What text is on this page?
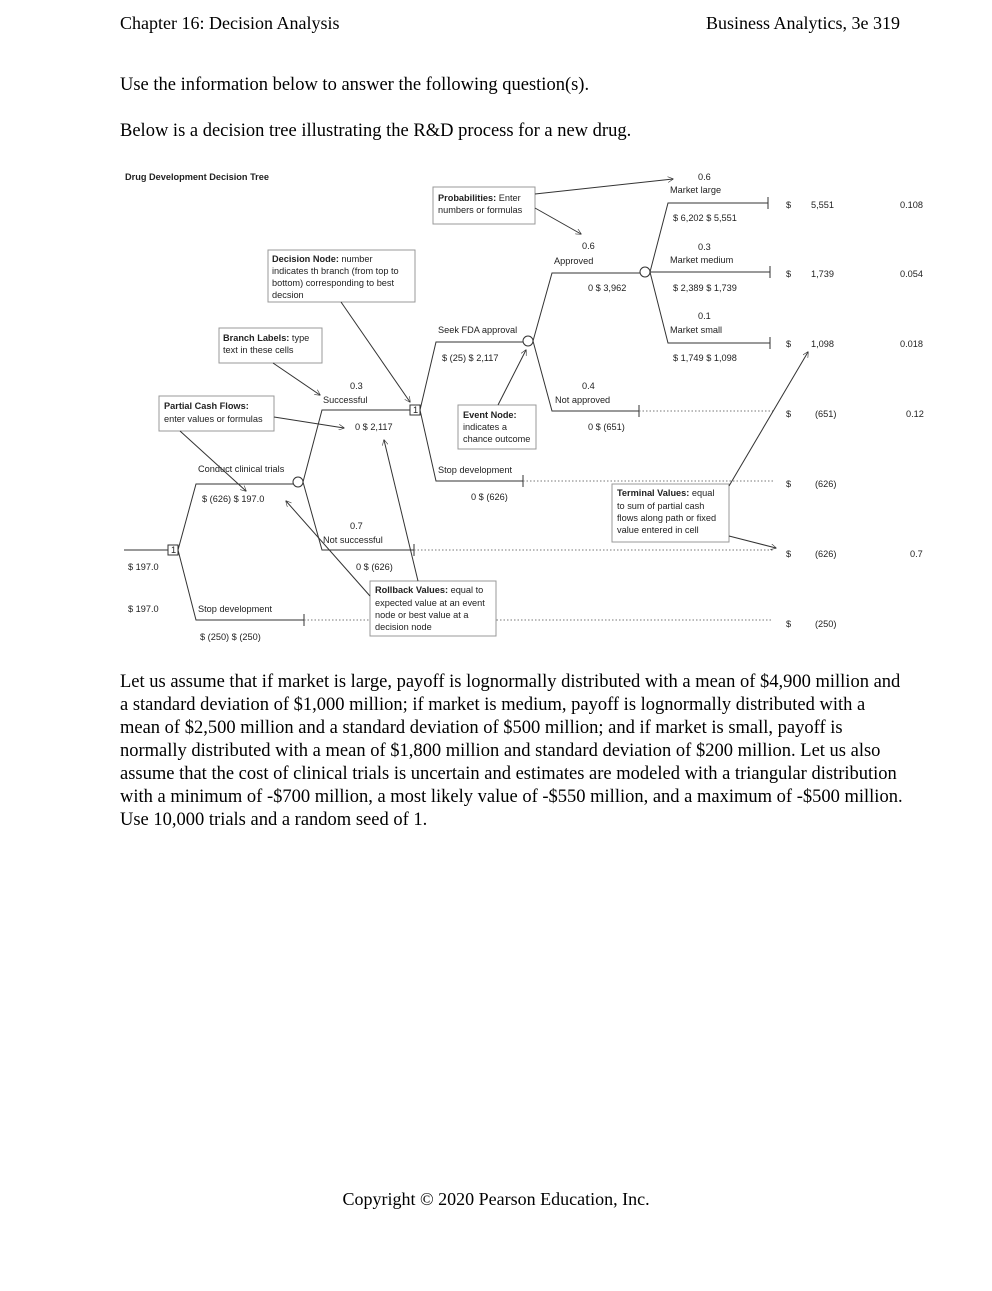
Chapter 16: Decision Analysis	Business Analytics, 3e 319

Use the information below to answer the following question(s).

Below is a decision tree illustrating the R&D process for a new drug.

Drug Development Decision Tree
1
$ 197.0
$ 197.0
Conduct clinical trials
$ (626) $ 197.0
0.3
Successful
0 $ 2,117
0.7
Not successful
0 $ (626)
Stop development
$ (250) $ (250)
1
Seek FDA approval
$ (25) $ 2,117
0.6
Approved
0 $ 3,962
0.4
Not approved
0 $ (651)
Stop development
0 $ (626)
0.6
Market large
$ 6,202 $ 5,551
0.3
Market medium
$ 2,389 $ 1,739
0.1
Market small
$ 1,749 $ 1,098
$ 5,551	0.108
$ 1,739	0.054
$ 1,098	0.018
$	(651)	0.12
$	(626)
$	(626)	0.7
$	(250)
Probabilities: Enter
numbers or formulas
Decision Node: number
indicates th branch (from top to
bottom) corresponding to best
decsion
Branch Labels: type
text in these cells
Partial Cash Flows:
enter values or formulas	Event Node:
indicates a
chance outcome
Terminal Values: equal
to sum of partial cash
flows along path or fixed
value entered in cell
Rollback Values: equal to
expected value at an event
node or best value at a
decision node

Let us assume that if market is large, payoff is lognormally distributed with a mean of $4,900 million and a standard deviation of $1,000 million; if market is medium, payoff is lognormally distributed with a mean of $2,500 million and a standard deviation of $500 million; and if market is small, payoff is normally distributed with a mean of $1,800 million and standard deviation of $200 million. Let us also assume that the cost of clinical trials is uncertain and estimates are modeled with a triangular distribution with a minimum of -$700 million, a most likely value of -$550 million, and a maximum of -$500 million. Use 10,000 trials and a random seed of 1.

Copyright © 2020 Pearson Education, Inc.
